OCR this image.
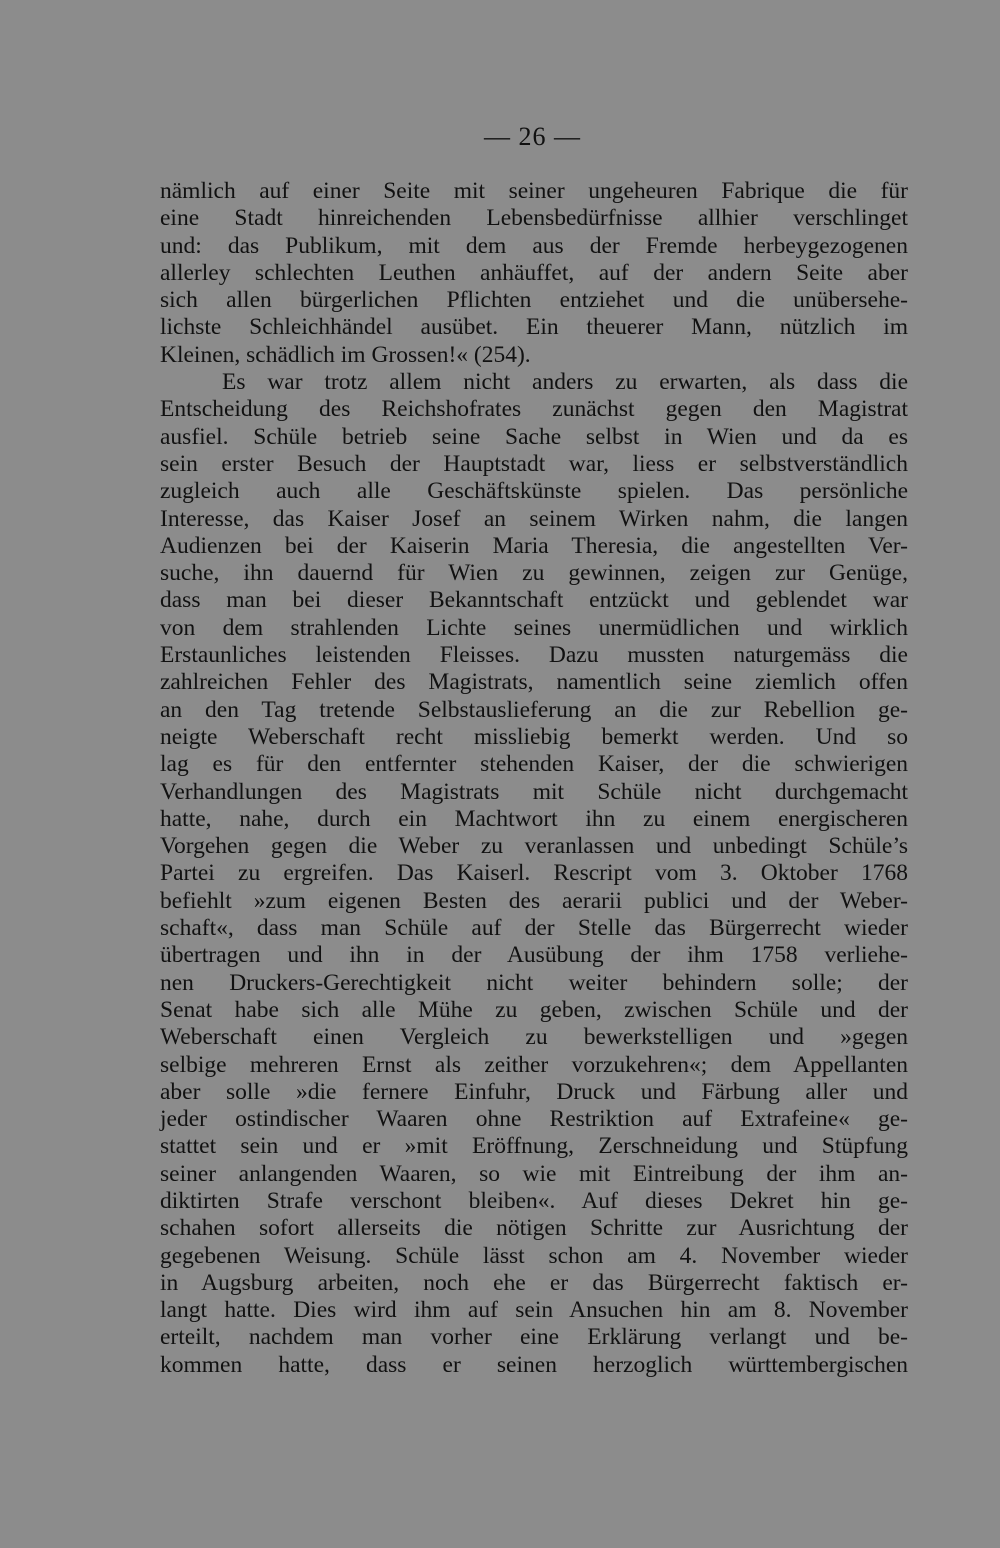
— 26 —
nämlich auf einer Seite mit seiner ungeheuren Fabrique die für
eine Stadt hinreichenden Lebensbedürfnisse allhier verschlinget
und: das Publikum, mit dem aus der Fremde herbeygezogenen
allerley schlechten Leuthen anhäuffet, auf der andern Seite aber
sich allen bürgerlichen Pflichten entziehet und die unübersehe-
lichste Schleichhändel ausübet. Ein theuerer Mann, nützlich im
Kleinen, schädlich im Grossen!« (254).
Es war trotz allem nicht anders zu erwarten, als dass die
Entscheidung des Reichshofrates zunächst gegen den Magistrat
ausfiel. Schüle betrieb seine Sache selbst in Wien und da es
sein erster Besuch der Hauptstadt war, liess er selbstverständlich
zugleich auch alle Geschäftskünste spielen. Das persönliche
Interesse, das Kaiser Josef an seinem Wirken nahm, die langen
Audienzen bei der Kaiserin Maria Theresia, die angestellten Ver-
suche, ihn dauernd für Wien zu gewinnen, zeigen zur Genüge,
dass man bei dieser Bekanntschaft entzückt und geblendet war
von dem strahlenden Lichte seines unermüdlichen und wirklich
Erstaunliches leistenden Fleisses. Dazu mussten naturgemäss die
zahlreichen Fehler des Magistrats, namentlich seine ziemlich offen
an den Tag tretende Selbstauslieferung an die zur Rebellion ge-
neigte Weberschaft recht missliebig bemerkt werden. Und so
lag es für den entfernter stehenden Kaiser, der die schwierigen
Verhandlungen des Magistrats mit Schüle nicht durchgemacht
hatte, nahe, durch ein Machtwort ihn zu einem energischeren
Vorgehen gegen die Weber zu veranlassen und unbedingt Schüle’s
Partei zu ergreifen. Das Kaiserl. Rescript vom 3. Oktober 1768
befiehlt »zum eigenen Besten des aerarii publici und der Weber-
schaft«, dass man Schüle auf der Stelle das Bürgerrecht wieder
übertragen und ihn in der Ausübung der ihm 1758 verliehe-
nen Druckers-Gerechtigkeit nicht weiter behindern solle; der
Senat habe sich alle Mühe zu geben, zwischen Schüle und der
Weberschaft einen Vergleich zu bewerkstelligen und »gegen
selbige mehreren Ernst als zeither vorzukehren«; dem Appellanten
aber solle »die fernere Einfuhr, Druck und Färbung aller und
jeder ostindischer Waaren ohne Restriktion auf Extrafeine« ge-
stattet sein und er »mit Eröffnung, Zerschneidung und Stüpfung
seiner anlangenden Waaren, so wie mit Eintreibung der ihm an-
diktirten Strafe verschont bleiben«. Auf dieses Dekret hin ge-
schahen sofort allerseits die nötigen Schritte zur Ausrichtung der
gegebenen Weisung. Schüle lässt schon am 4. November wieder
in Augsburg arbeiten, noch ehe er das Bürgerrecht faktisch er-
langt hatte. Dies wird ihm auf sein Ansuchen hin am 8. November
erteilt, nachdem man vorher eine Erklärung verlangt und be-
kommen hatte, dass er seinen herzoglich württembergischen
